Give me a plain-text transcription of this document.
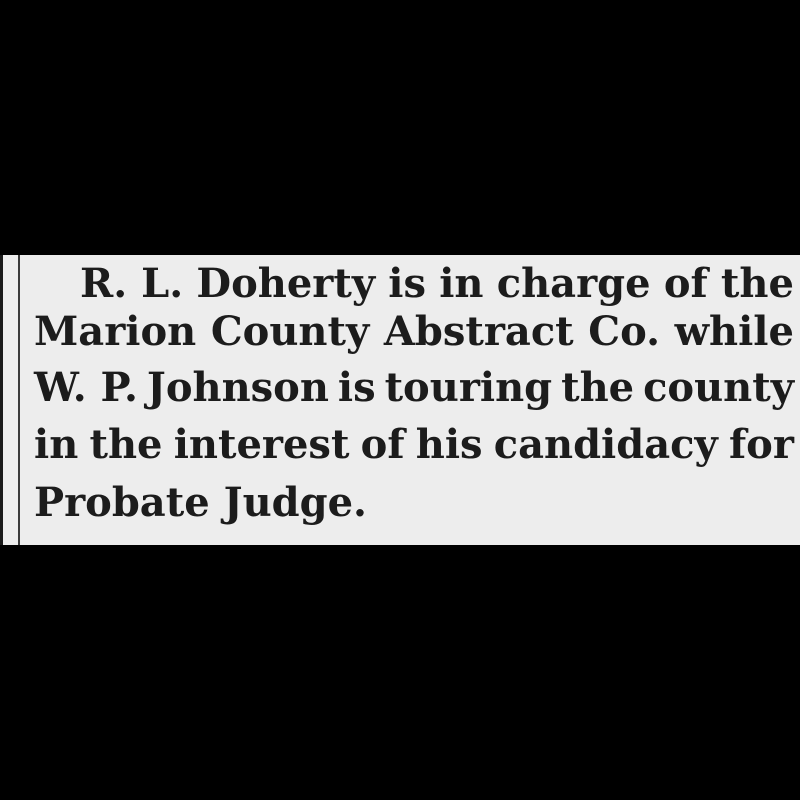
R. L. Doherty is in charge of the
Marion County Abstract Co. while
W. P. Johnson is touring the county
in the interest of his candidacy for
Probate Judge.
